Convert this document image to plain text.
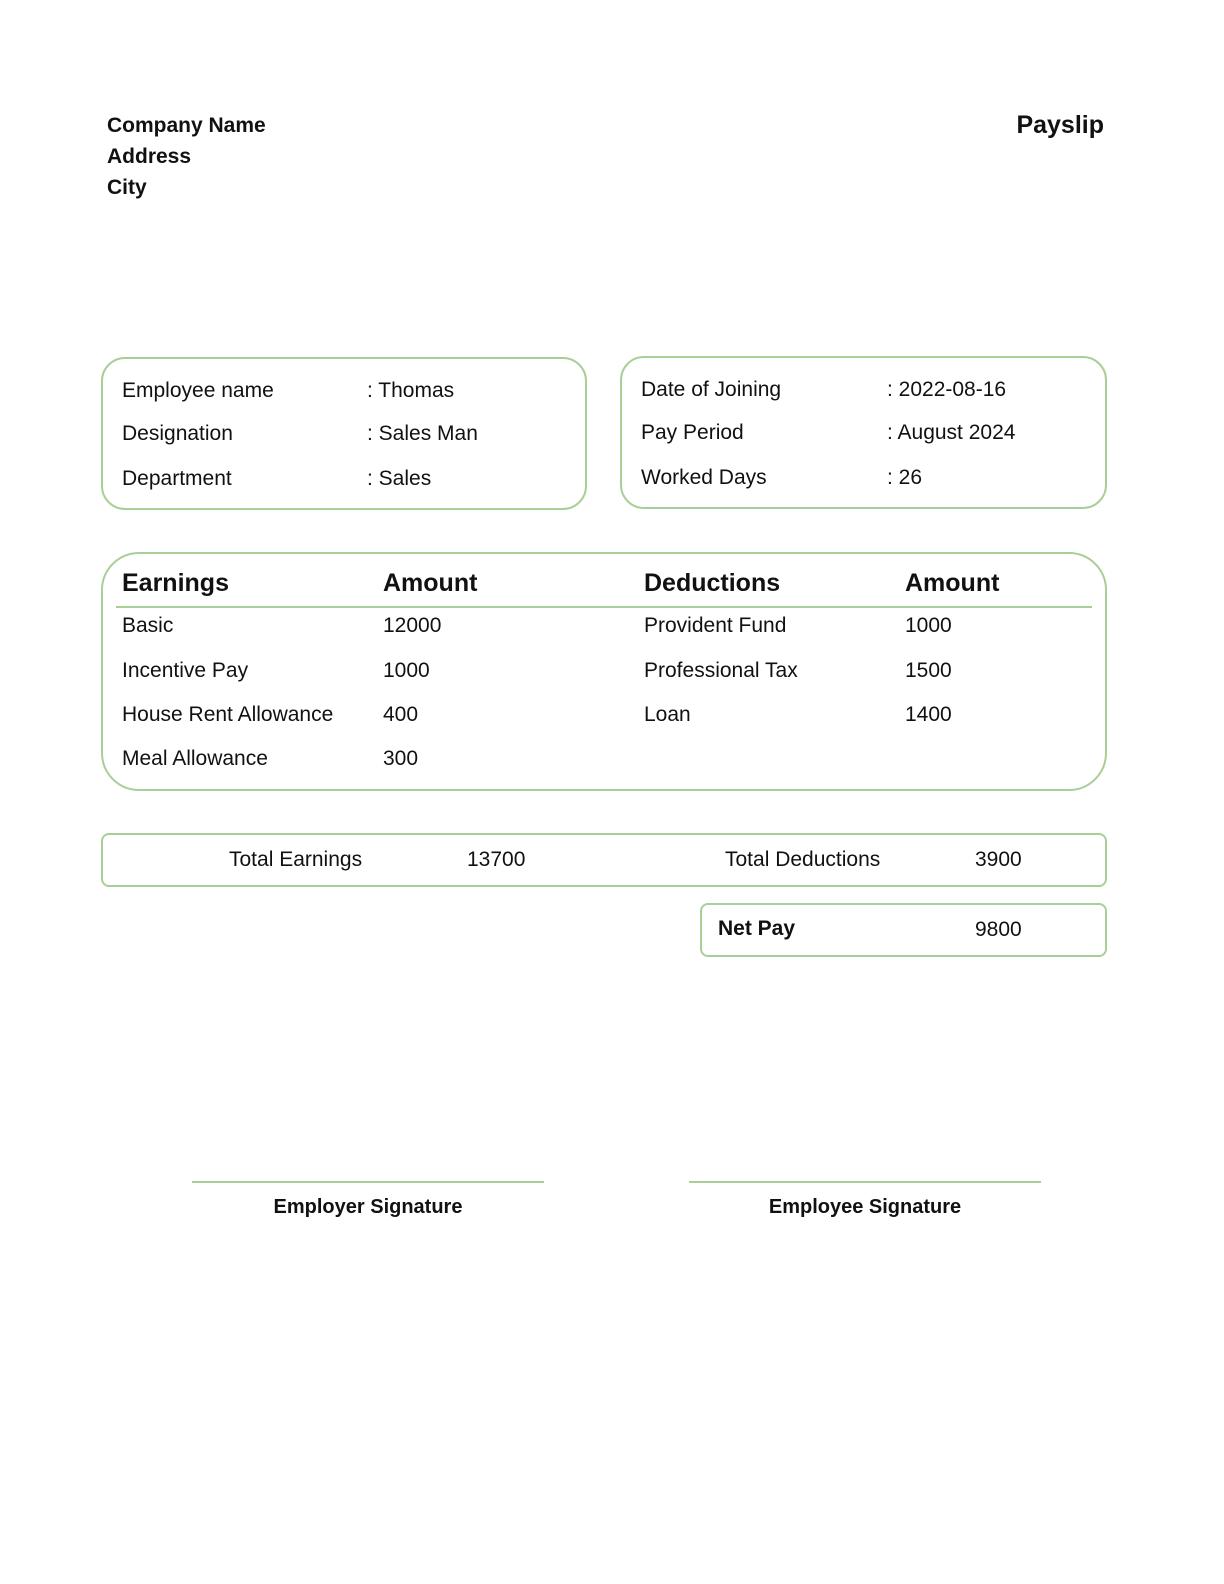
Company Name
Address
City
Payslip
Employee name	: Thomas
Designation	: Sales Man
Department	: Sales
Date of Joining	: 2022-08-16
Pay Period	: August 2024
Worked Days	: 26
Earnings	Amount	Deductions	Amount
Basic	12000	Provident Fund	1000
Incentive Pay	1000	Professional Tax	1500
House Rent Allowance 400	Loan	1400
Meal Allowance	300
Total Earnings	13700	Total Deductions	3900
Net Pay	9800
Employer Signature	Employee Signature
